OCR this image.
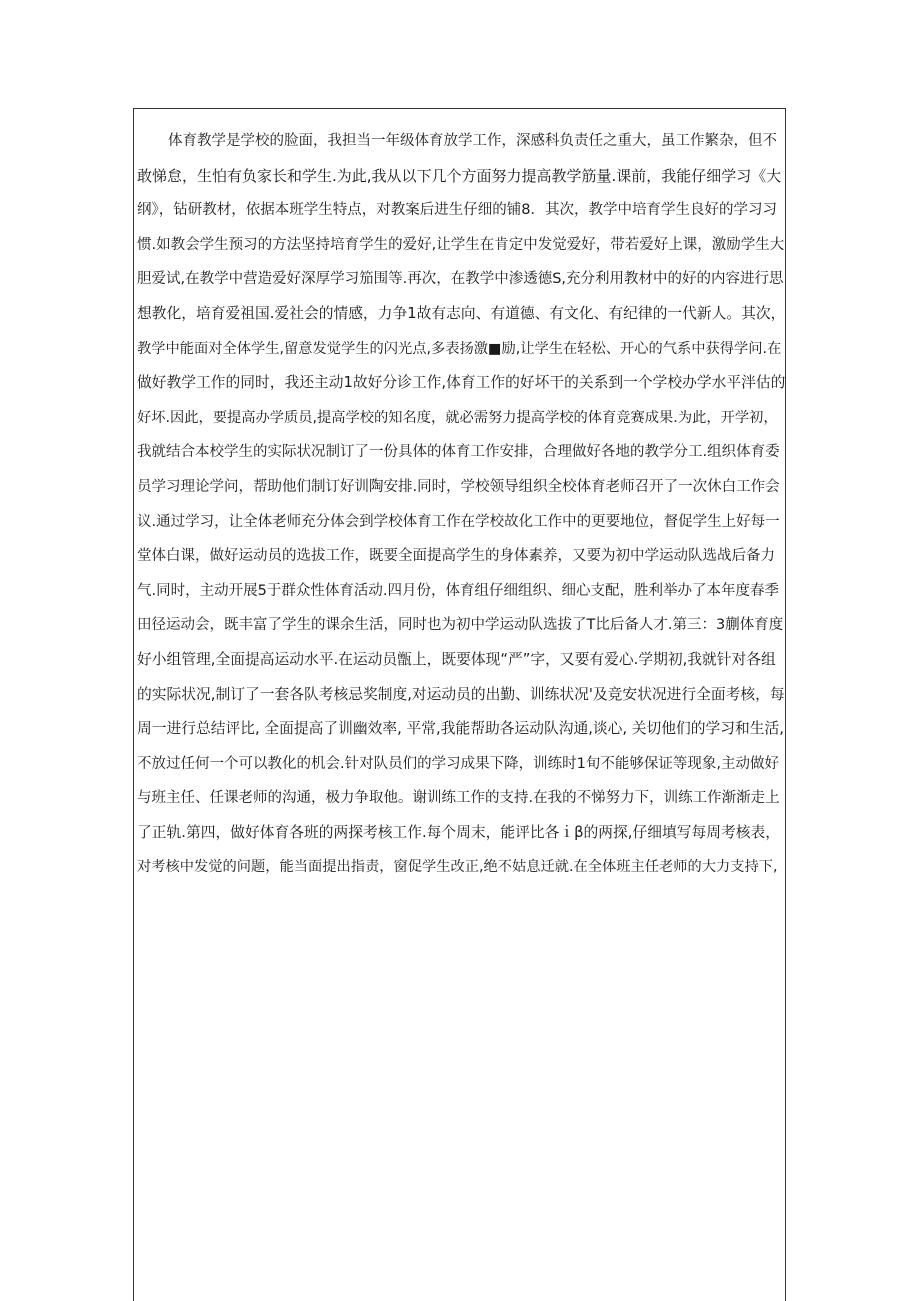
体育教学是学校的脸面，我担当一年级体育放学工作，深感科负责任之重大，虽工作繁杂，但不
敢悌怠，生怕有负家长和学生.为此,我从以下几个方面努力提高教学筋量.课前，我能仔细学习《大
纲》，钻研教材，依据本班学生特点，对教案后进生仔细的铺8．其次，教学中培育学生良好的学习习
惯.如教会学生预习的方法坚持培育学生的爱好,让学生在肯定中发觉爱好，带若爱好上课，激励学生大
胆爱试,在教学中营造爱好深厚学习笳围等.再次，在教学中渗透德S,充分利用教材中的好的内容进行思
想教化，培育爱祖国.爱社会的情感，力争1故有志向、有道德、有文化、有纪律的一代新人。其次，
教学中能面对全体学生,留意发觉学生的闪光点,多表扬激■励,让学生在轻松、开心的气系中获得学问.在
做好教学工作的同时，我还主动1故好分诊工作,体育工作的好坏干的关系到一个学校办学水平泮估的
好坏.因此，要提高办学质员,提高学校的知名度，就必需努力提高学校的体育竞赛成果.为此，开学初，
我就结合本校学生的实际状况制订了一份具体的体育工作安排，合理做好各地的教学分工.组织体育委
员学习理论学问，帮助他们制订好训陶安排.同时，学校领导组织全校体育老师召开了一次休白工作会
议.通过学习，让全体老师充分体会到学校体育工作在学校故化工作中的更要地位，督促学生上好每一
堂体白课，做好运动员的选拔工作，既要全面提高学生的身体素养，又要为初中学运动队选战后备力
气.同时，主动开展5于群众性体育活动.四月份，体育组仔细组织、细心支配，胜利举办了本年度春季
田径运动会，既丰富了学生的课余生活，同时也为初中学运动队选拔了T比后备人才.第三：3蒯体育度
好小组管理,全面提高运动水平.在运动员甑上，既要体现“严”字，又要有爱心.学期初,我就针对各组
的实际状况,制订了一套各队考核忌奖制度,对运动员的出勤、训练状况'及竞安状况进行全面考核，每
周一进行总结评比, 全面提高了训幽效率, 平常,我能帮助各运动队沟通,谈心, 关切他们的学习和生活,
不放过任何一个可以教化的机会.针对队员们的学习成果下降，训练时1旬不能够保证等现象,主动做好
与班主任、任课老师的沟通，极力争取他。谢训练工作的支持.在我的不悌努力下，训练工作渐渐走上
了正轨.第四，做好体育各班的两探考核工作.每个周末，能评比各ｉβ的两探,仔细填写每周考核表，
对考核中发觉的问题，能当面提出指责，窗促学生改正,绝不姑息迁就.在全体班主任老师的大力支持下,
